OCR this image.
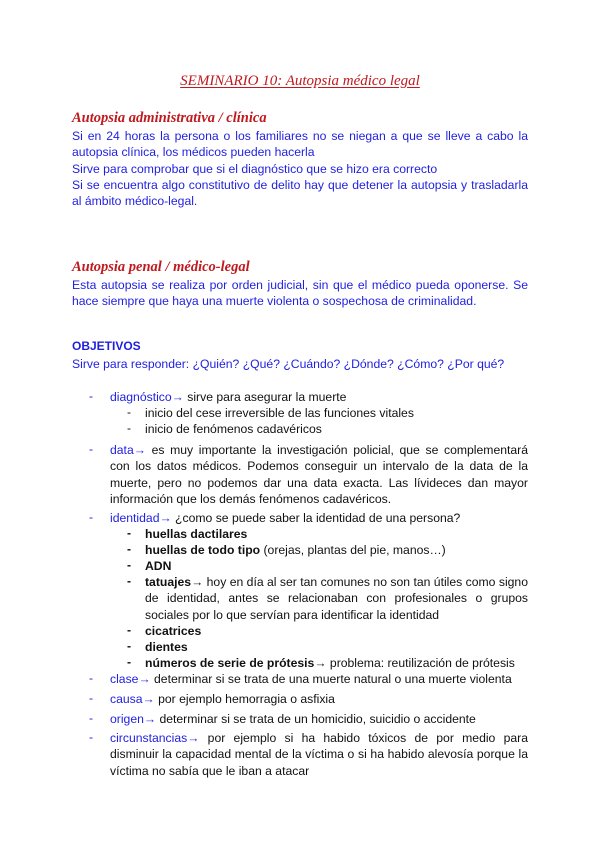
SEMINARIO 10: Autopsia médico legal
Autopsia administrativa / clínica

Si en 24 horas la persona o los familiares no se niegan a que se lleve a cabo la autopsia clínica, los médicos pueden hacerla

Sirve para comprobar que si el diagnóstico que se hizo era correcto

Si se encuentra algo constitutivo de delito hay que detener la autopsia y trasladarla al ámbito médico-legal.

Autopsia penal / médico-legal

Esta autopsia se realiza por orden judicial, sin que el médico pueda oponerse. Se hace siempre que haya una muerte violenta o sospechosa de criminalidad.

OBJETIVOS
Sirve para responder: ¿Quién? ¿Qué? ¿Cuándo? ¿Dónde? ¿Cómo? ¿Por qué?
- diagnóstico→ sirve para asegurar la muerte
- inicio del cese irreversible de las funciones vitales
- inicio de fenómenos cadavéricos
- data→ es muy importante la investigación policial, que se complementará con los datos médicos. Podemos conseguir un intervalo de la data de la muerte, pero no podemos dar una data exacta. Las lívideces dan mayor información que los demás fenómenos cadavéricos.
- identidad→ ¿como se puede saber la identidad de una persona?
- huellas dactilares
- huellas de todo tipo (orejas, plantas del pie, manos…)
- ADN
- tatuajes→ hoy en día al ser tan comunes no son tan útiles como signo de identidad, antes se relacionaban con profesionales o grupos sociales por lo que servían para identificar la identidad
- cicatrices
- dientes
- números de serie de prótesis→ problema: reutilización de prótesis
- clase→ determinar si se trata de una muerte natural o una muerte violenta
- causa→ por ejemplo hemorragia o asfixia
- origen→ determinar si se trata de un homicidio, suicidio o accidente
- circunstancias→ por ejemplo si ha habido tóxicos de por medio para disminuir la capacidad mental de la víctima o si ha habido alevosía porque la víctima no sabía que le iban a atacar
